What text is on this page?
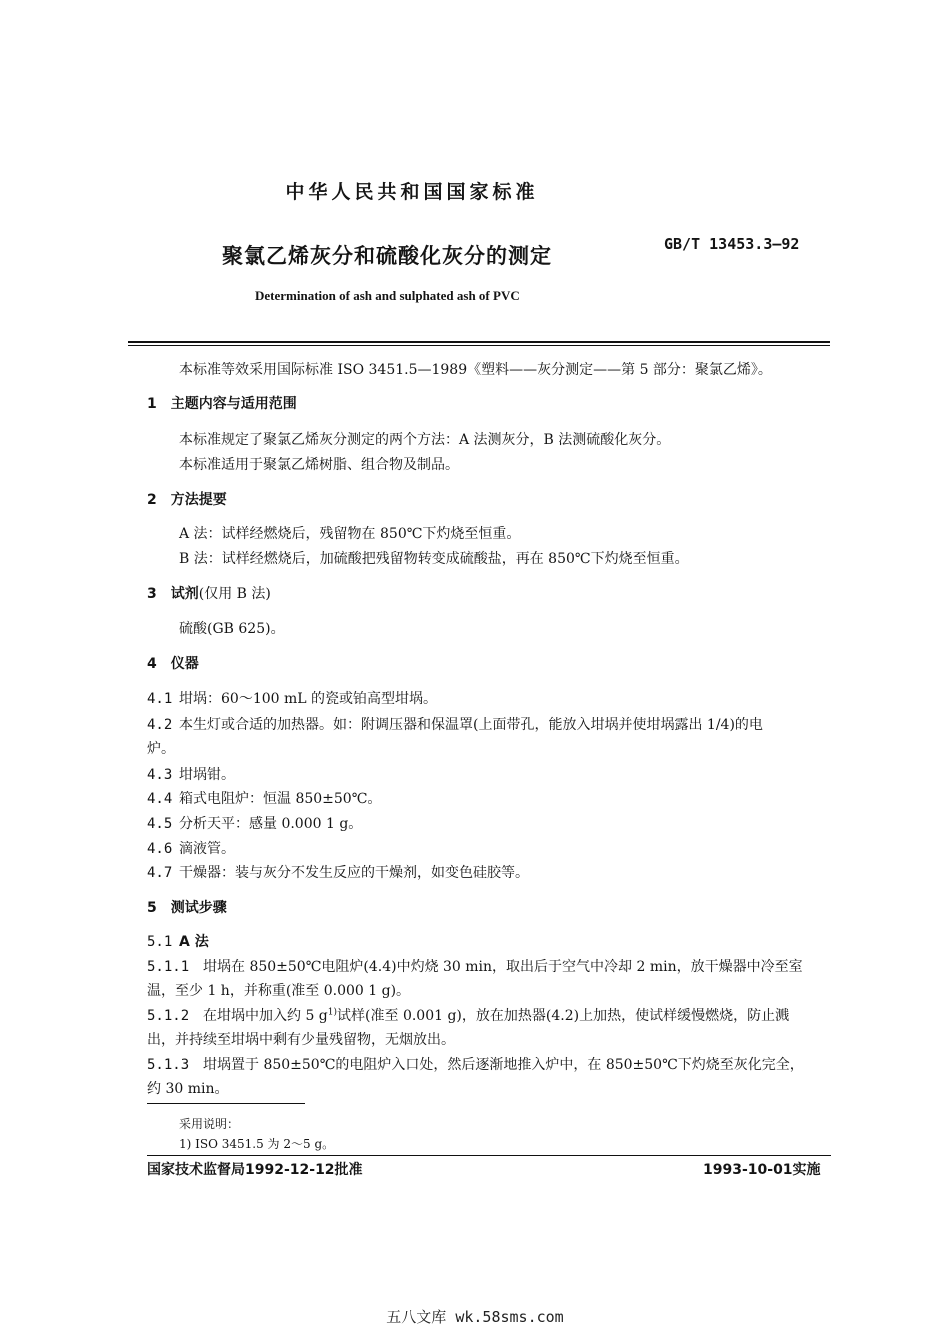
中华人民共和国国家标准
聚氯乙烯灰分和硫酸化灰分的测定	GB/T 13453.3—92
Determination of ash and sulphated ash of PVC
本标准等效采用国际标准 ISO 3451.5—1989《塑料——灰分测定——第 5 部分：聚氯乙烯》。
1　主题内容与适用范围
本标准规定了聚氯乙烯灰分测定的两个方法：A 法测灰分，B 法测硫酸化灰分。
本标准适用于聚氯乙烯树脂、组合物及制品。
2　方法提要
A 法：试样经燃烧后，残留物在 850℃下灼烧至恒重。
B 法：试样经燃烧后，加硫酸把残留物转变成硫酸盐，再在 850℃下灼烧至恒重。
3　试剂(仅用 B 法)
硫酸(GB 625)。
4　仪器
4.1 坩埚：60～100 mL 的瓷或铂高型坩埚。
4.2 本生灯或合适的加热器。如：附调压器和保温罩(上面带孔，能放入坩埚并使坩埚露出 1/4)的电
炉。
4.3 坩埚钳。
4.4 箱式电阻炉：恒温 850±50℃。
4.5 分析天平：感量 0.000 1 g。
4.6 滴液管。
4.7 干燥器：装与灰分不发生反应的干燥剂，如变色硅胶等。
5　测试步骤
5.1 A 法
5.1.1 坩埚在 850±50℃电阻炉(4.4)中灼烧 30 min，取出后于空气中冷却 2 min，放干燥器中冷至室
温，至少 1 h，并称重(准至 0.000 1 g)。
5.1.2 在坩埚中加入约 5 $g^{1)}$试样(准至 0.001 g)，放在加热器(4.2)上加热，使试样缓慢燃烧，防止溅
出，并持续至坩埚中剩有少量残留物，无烟放出。
5.1.3 坩埚置于 850±50℃的电阻炉入口处，然后逐渐地推入炉中，在 850±50℃下灼烧至灰化完全，
约 30 min。
采用说明：
1) ISO 3451.5 为 2～5 g。
国家技术监督局1992-12-12批准	1993-10-01实施
五八文库 wk.58sms.com
